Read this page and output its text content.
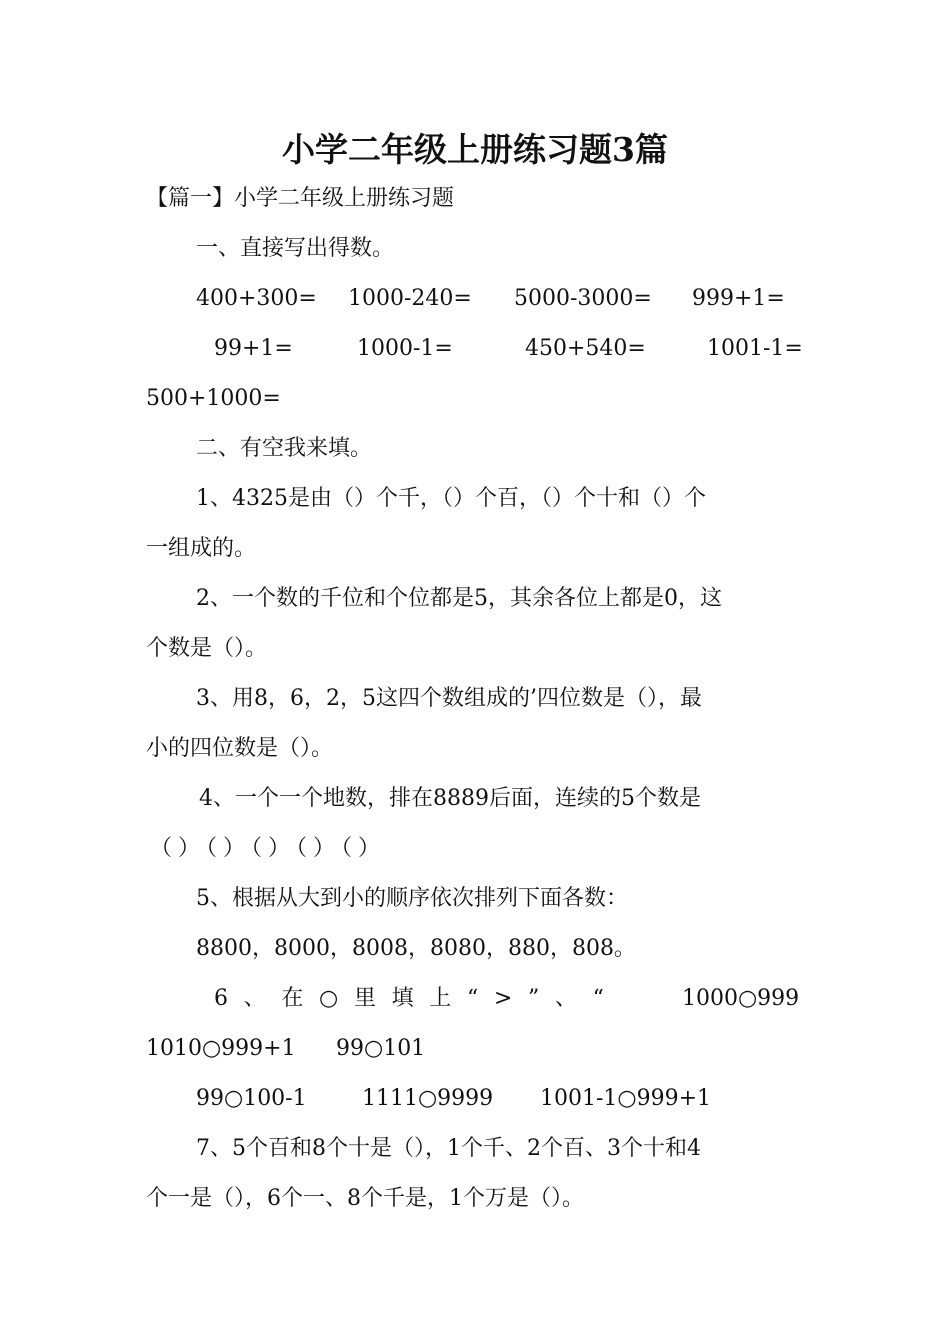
小学二年级上册练习题3篇
【篇一】小学二年级上册练习题
一、直接写出得数。
400+300= 1000-240= 5000-3000= 999+1=
99+1=	1000-1=	450+540=	1001-1=
500+1000=
二、有空我来填。
1、4325是由（）个千，（）个百，（）个十和（）个
一组成的。
2、一个数的千位和个位都是5，其余各位上都是0，这
个数是（）。
3、用8，6，2，5这四个数组成的’四位数是（），最
小的四位数是（）。
4、一个一个地数，排在8889后面，连续的5个数是
（）（）（）（）（）
5、根据从大到小的顺序依次排列下面各数：
8800，8000，8008，8080，880，808。
6 、 在 ○ 里 填 上 “ > ” 、 “	1000○999
1010○999+1 99○101
99○100-1	1111○9999 1001-1○999+1
7、5个百和8个十是（），1个千、2个百、3个十和4
个一是（），6个一、8个千是，1个万是（）。
